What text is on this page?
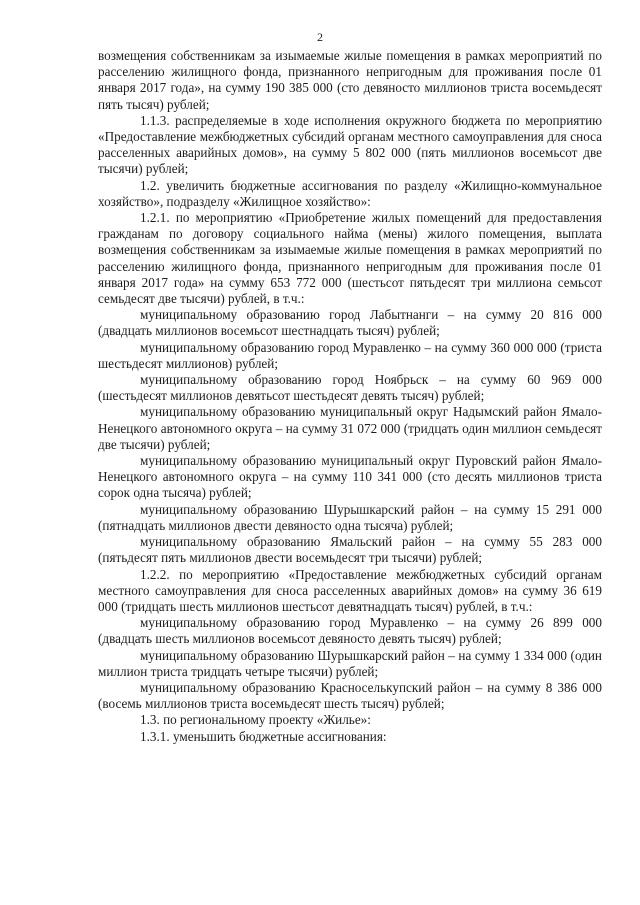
2

возмещения собственникам за изымаемые жилые помещения в рамках мероприятий по расселению жилищного фонда, признанного непригодным для проживания после 01 января 2017 года», на сумму 190 385 000 (сто девяносто миллионов триста восемьдесят пять тысяч) рублей;

1.1.3. распределяемые в ходе исполнения окружного бюджета по мероприятию «Предоставление межбюджетных субсидий органам местного самоуправления для сноса расселенных аварийных домов», на сумму 5 802 000 (пять миллионов восемьсот две тысячи) рублей;

1.2. увеличить бюджетные ассигнования по разделу «Жилищно-коммунальное хозяйство», подразделу «Жилищное хозяйство»:

1.2.1. по мероприятию «Приобретение жилых помещений для предоставления гражданам по договору социального найма (мены) жилого помещения, выплата возмещения собственникам за изымаемые жилые помещения в рамках мероприятий по расселению жилищного фонда, признанного непригодным для проживания после 01 января 2017 года» на сумму 653 772 000 (шестьсот пятьдесят три миллиона семьсот семьдесят две тысячи) рублей, в т.ч.:

муниципальному образованию город Лабытнанги – на сумму 20 816 000 (двадцать миллионов восемьсот шестнадцать тысяч) рублей;

муниципальному образованию город Муравленко – на сумму 360 000 000 (триста шестьдесят миллионов) рублей;

муниципальному образованию город Ноябрьск – на сумму 60 969 000 (шестьдесят миллионов девятьсот шестьдесят девять тысяч) рублей;

муниципальному образованию муниципальный округ Надымский район Ямало-Ненецкого автономного округа – на сумму 31 072 000 (тридцать один миллион семьдесят две тысячи) рублей;

муниципальному образованию муниципальный округ Пуровский район Ямало-Ненецкого автономного округа – на сумму 110 341 000 (сто десять миллионов триста сорок одна тысяча) рублей;

муниципальному образованию Шурышкарский район – на сумму 15 291 000 (пятнадцать миллионов двести девяносто одна тысяча) рублей;

муниципальному образованию Ямальский район – на сумму 55 283 000 (пятьдесят пять миллионов двести восемьдесят три тысячи) рублей;

1.2.2. по мероприятию «Предоставление межбюджетных субсидий органам местного самоуправления для сноса расселенных аварийных домов» на сумму 36 619 000 (тридцать шесть миллионов шестьсот девятнадцать тысяч) рублей, в т.ч.:

муниципальному образованию город Муравленко – на сумму 26 899 000 (двадцать шесть миллионов восемьсот девяносто девять тысяч) рублей;

муниципальному образованию Шурышкарский район – на сумму 1 334 000 (один миллион триста тридцать четыре тысячи) рублей;

муниципальному образованию Красноселькупский район – на сумму 8 386 000 (восемь миллионов триста восемьдесят шесть тысяч) рублей;

1.3. по региональному проекту «Жилье»:

1.3.1. уменьшить бюджетные ассигнования:
